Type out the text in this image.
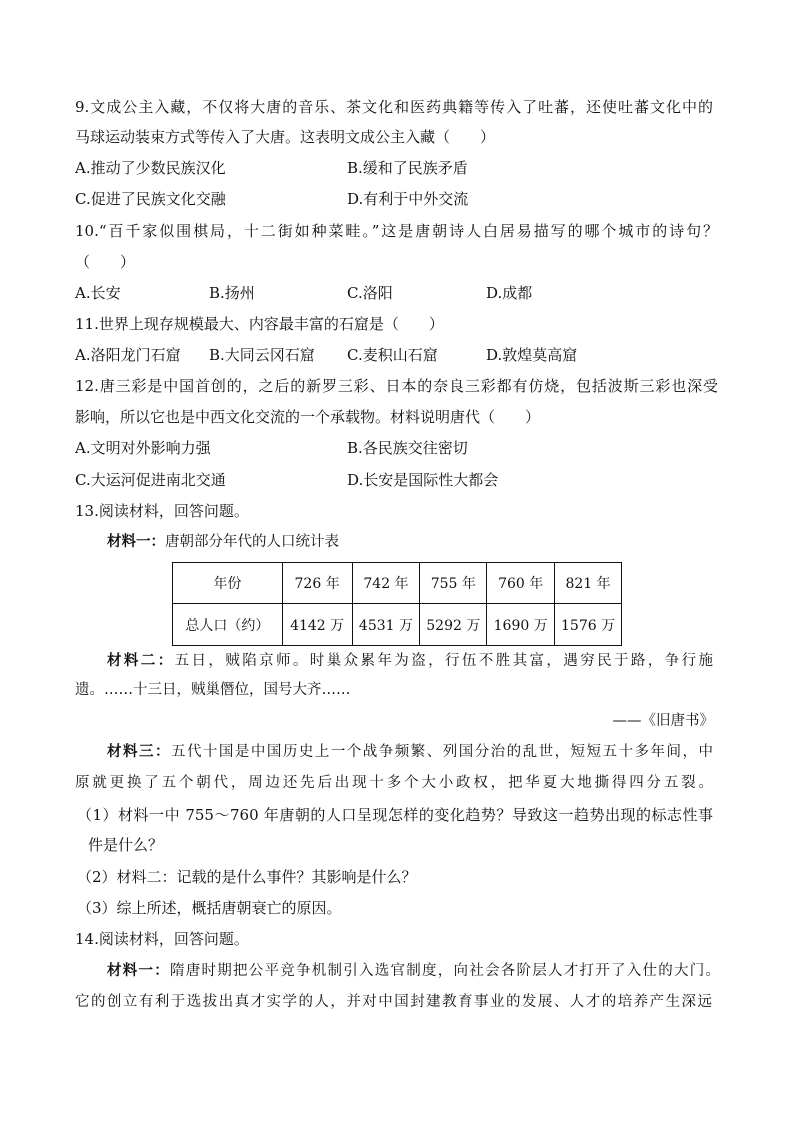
9.文成公主入藏，不仅将大唐的音乐、茶文化和医药典籍等传入了吐蕃，还使吐蕃文化中的
马球运动装束方式等传入了大唐。这表明文成公主入藏（　　）
A.推动了少数民族汉化	B.缓和了民族矛盾
C.促进了民族文化交融	D.有利于中外交流
10.“百千家似围棋局，十二街如种菜畦。”这是唐朝诗人白居易描写的哪个城市的诗句？
（　　）
A.长安	B.扬州	C.洛阳	D.成都
11.世界上现存规模最大、内容最丰富的石窟是（　　）
A.洛阳龙门石窟 B.大同云冈石窟 C.麦积山石窟	D.敦煌莫高窟
12.唐三彩是中国首创的，之后的新罗三彩、日本的奈良三彩都有仿烧，包括波斯三彩也深受
影响，所以它也是中西文化交流的一个承载物。材料说明唐代（　　）
A.文明对外影响力强	B.各民族交往密切
C.大运河促进南北交通	D.长安是国际性大都会
13.阅读材料，回答问题。
材料一：唐朝部分年代的人口统计表
年份	726 年	742 年	755 年	760 年	821 年
总人口（约）	4142 万	4531 万	5292 万	1690 万	1576 万
材料二：五日，贼陷京师。时巢众累年为盗，行伍不胜其富，遇穷民于路，争行施
遗。……十三日，贼巢僭位，国号大齐……
——《旧唐书》
材料三：五代十国是中国历史上一个战争频繁、列国分治的乱世，短短五十多年间，中
原就更换了五个朝代，周边还先后出现十多个大小政权，把华夏大地撕得四分五裂。
（1）材料一中 755～760 年唐朝的人口呈现怎样的变化趋势？导致这一趋势出现的标志性事
件是什么？
（2）材料二：记载的是什么事件？其影响是什么？
（3）综上所述，概括唐朝衰亡的原因。
14.阅读材料，回答问题。
材料一：隋唐时期把公平竞争机制引入选官制度，向社会各阶层人才打开了入仕的大门。
它的创立有利于选拔出真才实学的人，并对中国封建教育事业的发展、人才的培养产生深远
